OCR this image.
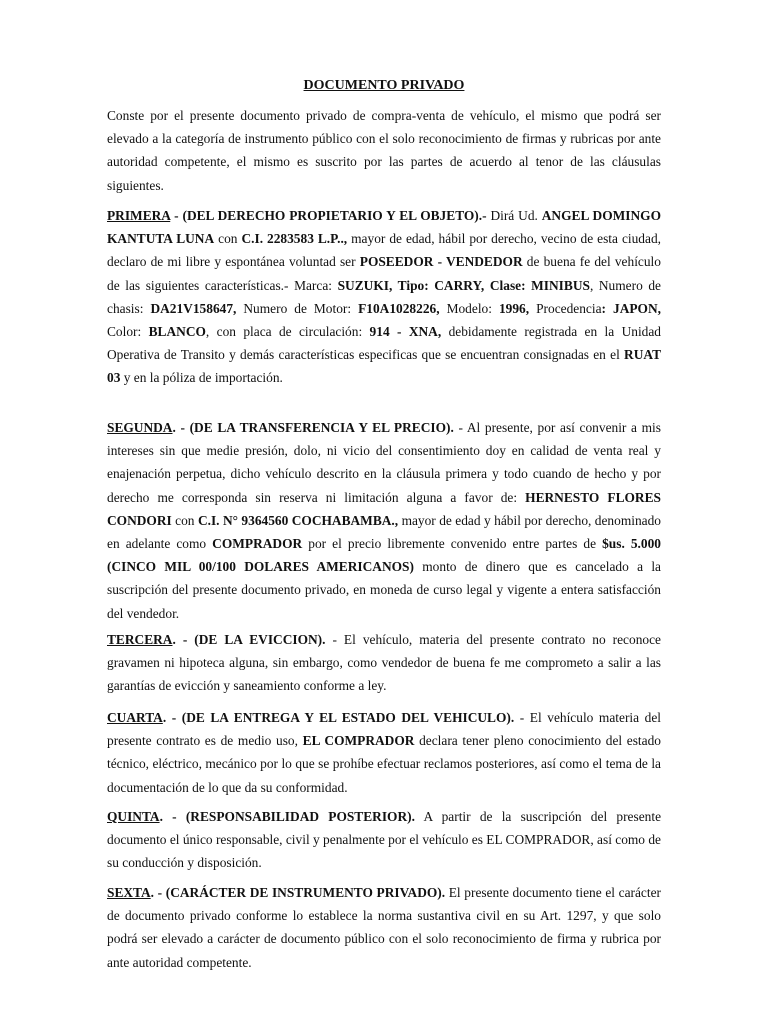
DOCUMENTO PRIVADO

Conste por el presente documento privado de compra-venta de vehículo, el mismo que podrá ser elevado a la categoría de instrumento público con el solo reconocimiento de firmas y rubricas por ante autoridad competente, el mismo es suscrito por las partes de acuerdo al tenor de las cláusulas siguientes.

PRIMERA - (DEL DERECHO PROPIETARIO Y EL OBJETO).- Dirá Ud. ANGEL DOMINGO KANTUTA LUNA con C.I. 2283583 L.P.., mayor de edad, hábil por derecho, vecino de esta ciudad, declaro de mi libre y espontánea voluntad ser POSEEDOR - VENDEDOR de buena fe del vehículo de las siguientes características.- Marca: SUZUKI, Tipo: CARRY, Clase: MINIBUS, Numero de chasis: DA21V158647, Numero de Motor: F10A1028226, Modelo: 1996, Procedencia: JAPON, Color: BLANCO, con placa de circulación: 914 - XNA, debidamente registrada en la Unidad Operativa de Transito y demás características especificas que se encuentran consignadas en el RUAT 03 y en la póliza de importación.

SEGUNDA. - (DE LA TRANSFERENCIA Y EL PRECIO). - Al presente, por así convenir a mis intereses sin que medie presión, dolo, ni vicio del consentimiento doy en calidad de venta real y enajenación perpetua, dicho vehículo descrito en la cláusula primera y todo cuando de hecho y por derecho me corresponda sin reserva ni limitación alguna a favor de: HERNESTO FLORES CONDORI con C.I. N° 9364560 COCHABAMBA., mayor de edad y hábil por derecho, denominado en adelante como COMPRADOR por el precio libremente convenido entre partes de $us. 5.000 (CINCO MIL 00/100 DOLARES AMERICANOS) monto de dinero que es cancelado a la suscripción del presente documento privado, en moneda de curso legal y vigente a entera satisfacción del vendedor.

TERCERA. - (DE LA EVICCION). - El vehículo, materia del presente contrato no reconoce gravamen ni hipoteca alguna, sin embargo, como vendedor de buena fe me comprometo a salir a las garantías de evicción y saneamiento conforme a ley.

CUARTA. - (DE LA ENTREGA Y EL ESTADO DEL VEHICULO). - El vehículo materia del presente contrato es de medio uso, EL COMPRADOR declara tener pleno conocimiento del estado técnico, eléctrico, mecánico por lo que se prohíbe efectuar reclamos posteriores, así como el tema de la documentación de lo que da su conformidad.

QUINTA. - (RESPONSABILIDAD POSTERIOR). A partir de la suscripción del presente documento el único responsable, civil y penalmente por el vehículo es EL COMPRADOR, así como de su conducción y disposición.

SEXTA. - (CARÁCTER DE INSTRUMENTO PRIVADO). El presente documento tiene el carácter de documento privado conforme lo establece la norma sustantiva civil en su Art. 1297, y que solo podrá ser elevado a carácter de documento público con el solo reconocimiento de firma y rubrica por ante autoridad competente.
